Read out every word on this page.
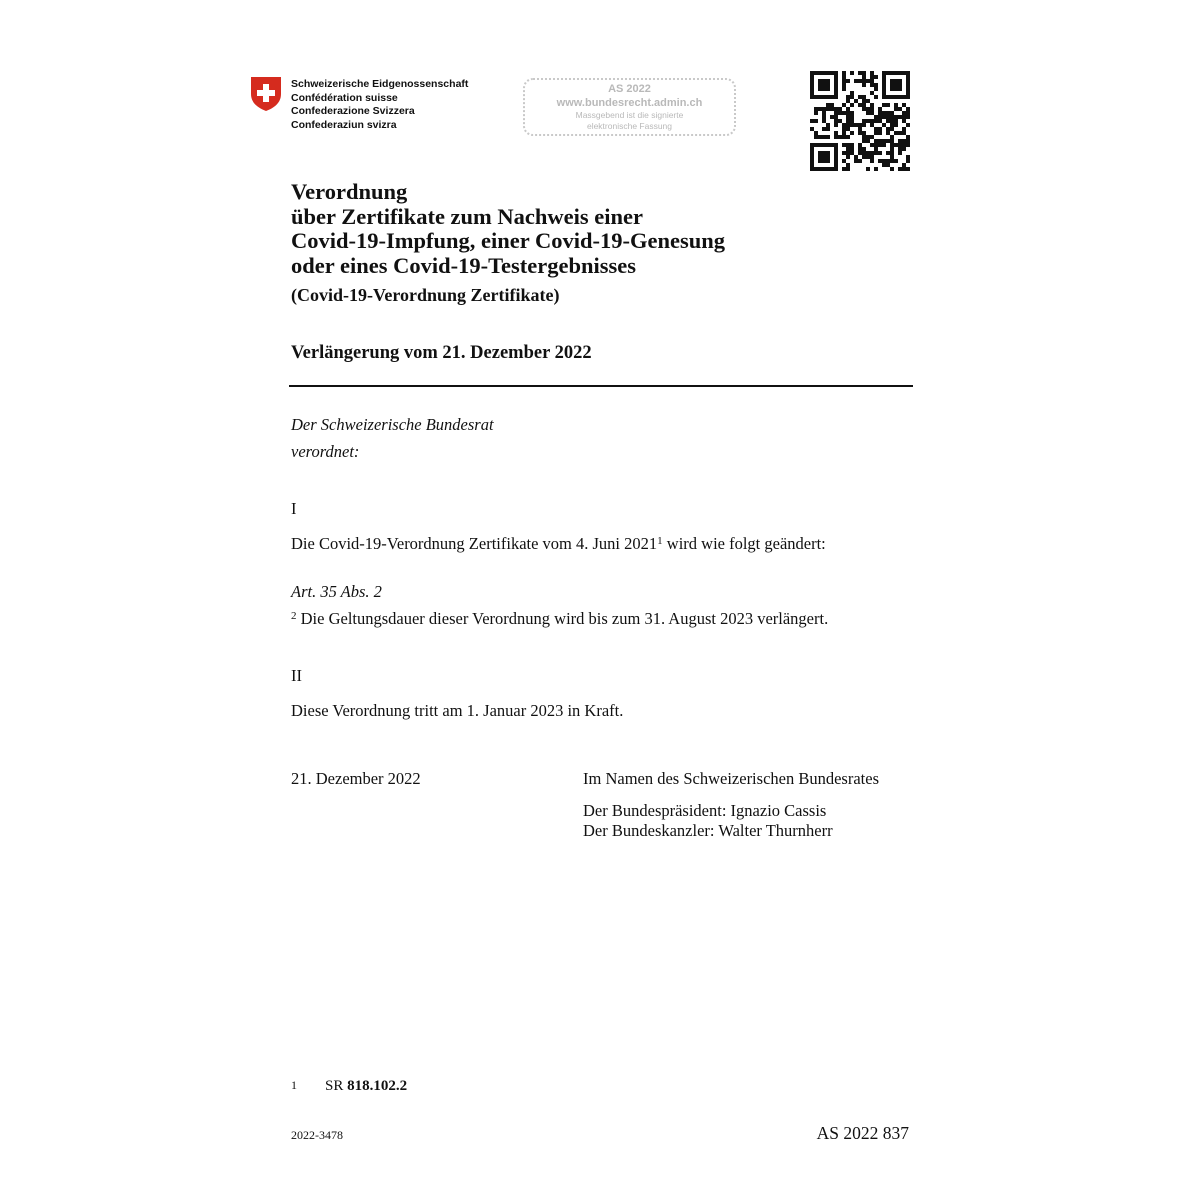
Schweizerische Eidgenossenschaft
Confédération suisse
Confederazione Svizzera
Confederaziun svizra
AS 2022
www.bundesrecht.admin.ch
Massgebend ist die signierte
elektronische Fassung
Verordnung
über Zertifikate zum Nachweis einer
Covid-19-Impfung, einer Covid-19-Genesung
oder eines Covid-19-Testergebnisses
(Covid-19-Verordnung Zertifikate)
Verlängerung vom 21. Dezember 2022
Der Schweizerische Bundesrat
verordnet:
I
Die Covid-19-Verordnung Zertifikate vom 4. Juni 2021$^1$ wird wie folgt geändert:
Art. 35 Abs. 2
$^2$ Die Geltungsdauer dieser Verordnung wird bis zum 31. August 2023 verlängert.
II
Diese Verordnung tritt am 1. Januar 2023 in Kraft.
21. Dezember 2022	Im Namen des Schweizerischen Bundesrates
Der Bundespräsident: Ignazio Cassis
Der Bundeskanzler: Walter Thurnherr
1 SR 818.102.2
2022-3478	AS 2022 837
